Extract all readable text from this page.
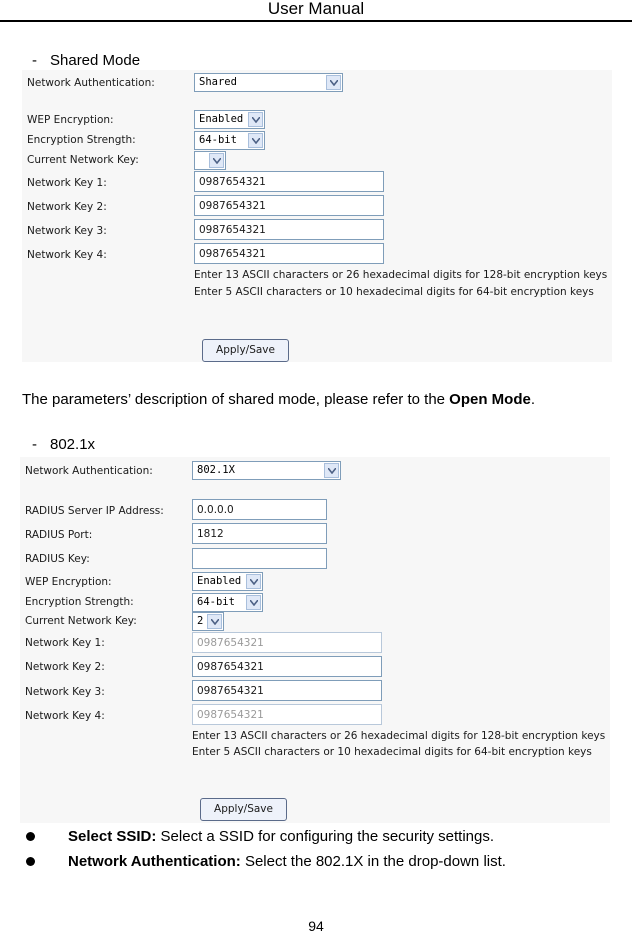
User Manual
- Shared Mode
Network Authentication:	Shared
WEP Encryption:	Enabled
Encryption Strength:	64-bit
Current Network Key:
Network Key 1:	0987654321
Network Key 2:	0987654321
Network Key 3:	0987654321
Network Key 4:	0987654321
Enter 13 ASCII characters or 26 hexadecimal digits for 128-bit encryption keys
Enter 5 ASCII characters or 10 hexadecimal digits for 64-bit encryption keys
Apply/Save
The parameters’ description of shared mode, please refer to the Open Mode.
- 802.1x
Network Authentication:	802.1X
RADIUS Server IP Address:	0.0.0.0
RADIUS Port:	1812
RADIUS Key:
WEP Encryption:	Enabled
Encryption Strength:	64-bit
Current Network Key:	2
Network Key 1:	0987654321
Network Key 2:	0987654321
Network Key 3:	0987654321
Network Key 4:	0987654321
Enter 13 ASCII characters or 26 hexadecimal digits for 128-bit encryption keys
Enter 5 ASCII characters or 10 hexadecimal digits for 64-bit encryption keys
Apply/Save
Select SSID: Select a SSID for configuring the security settings.
Network Authentication: Select the 802.1X in the drop-down list.
94
